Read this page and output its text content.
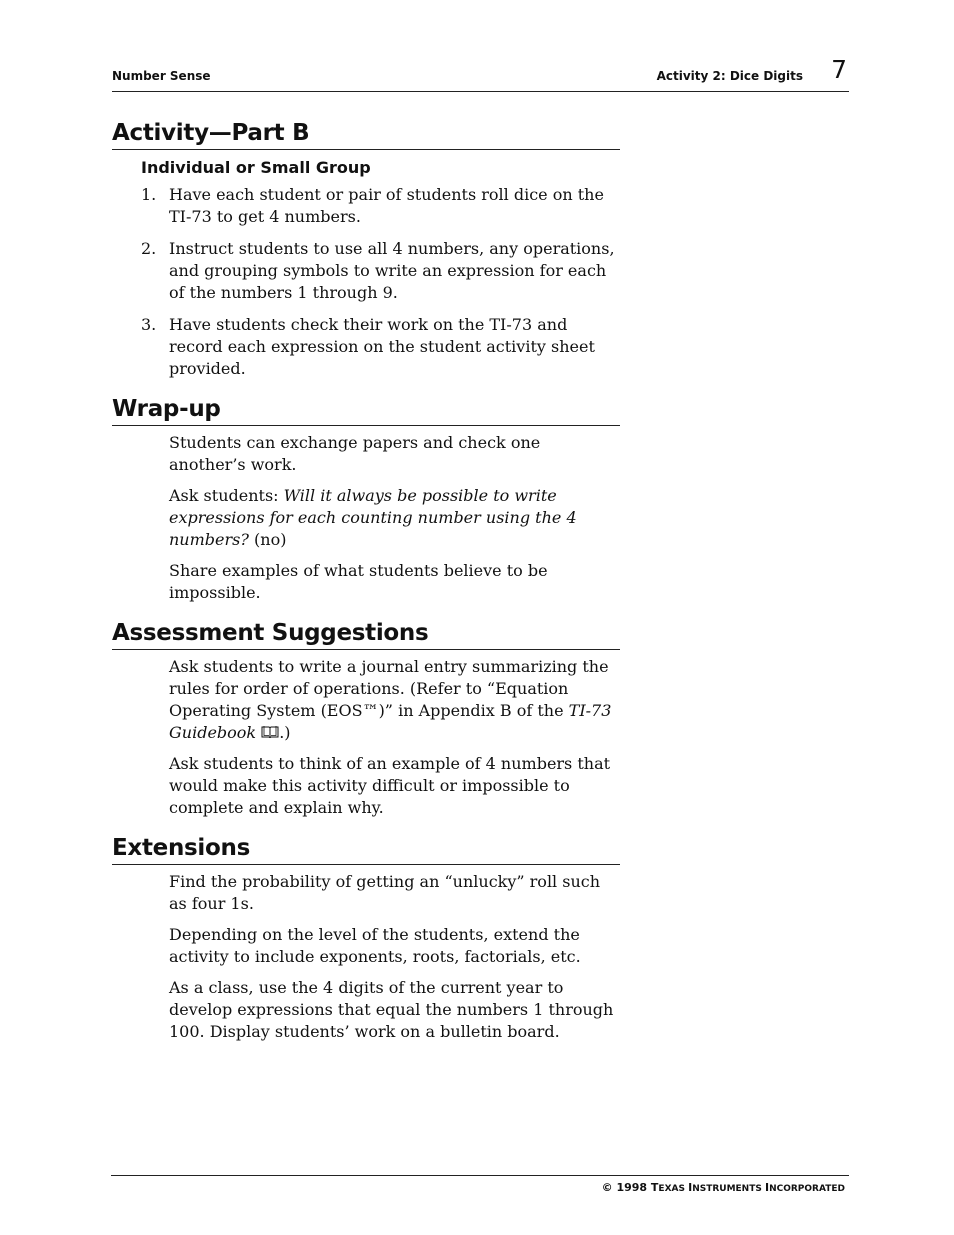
Number Sense	Activity 2: Dice Digits 7
Activity—Part B
Individual or Small Group
1. Have each student or pair of students roll dice on the TI-73 to get 4 numbers.
2. Instruct students to use all 4 numbers, any operations, and grouping symbols to write an expression for each of the numbers 1 through 9.
3. Have students check their work on the TI-73 and record each expression on the student activity sheet provided.
Wrap-up

Students can exchange papers and check one another’s work.

Ask students: Will it always be possible to write expressions for each counting number using the 4 numbers? (no)

Share examples of what students believe to be impossible.

Assessment Suggestions

Ask students to write a journal entry summarizing the rules for order of operations. (Refer to “Equation Operating System (EOS™)” in Appendix B of the TI-73 Guidebook .)

Ask students to think of an example of 4 numbers that would make this activity difficult or impossible to complete and explain why.

Extensions

Find the probability of getting an “unlucky” roll such as four 1s.

Depending on the level of the students, extend the activity to include exponents, roots, factorials, etc.

As a class, use the 4 digits of the current year to develop expressions that equal the numbers 1 through 100. Display students’ work on a bulletin board.

© 1998 TEXAS INSTRUMENTS INCORPORATED
